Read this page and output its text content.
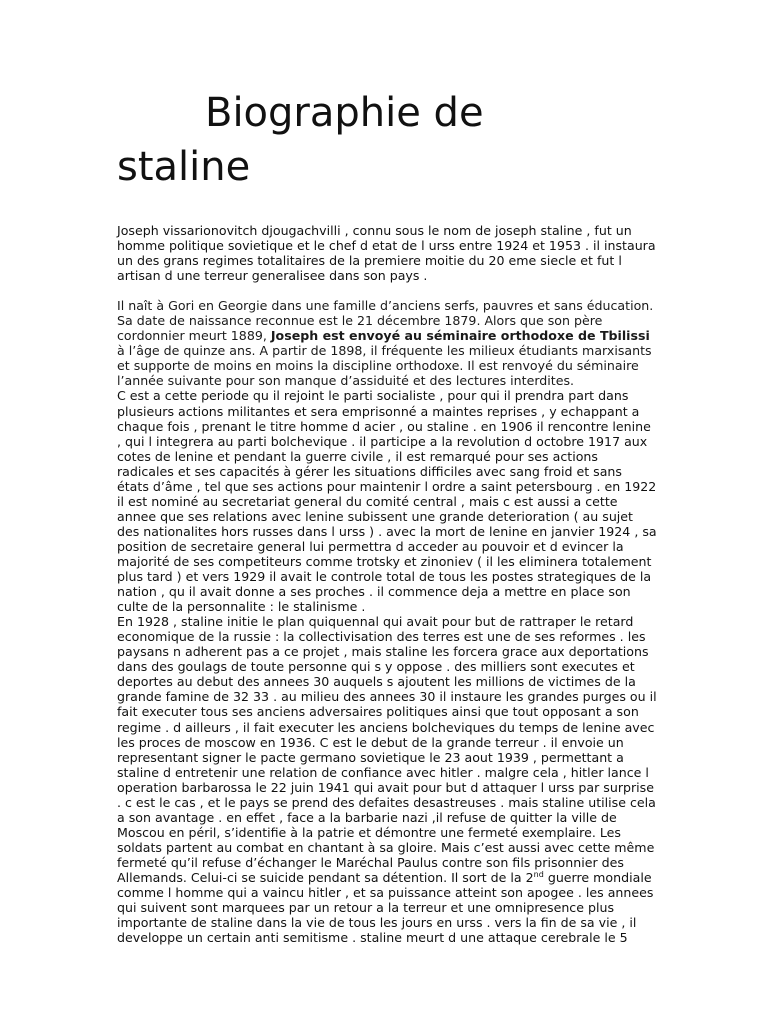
Biographie de
staline

Joseph vissarionovitch djougachvilli , connu sous le nom de joseph staline , fut un homme politique sovietique et le chef d etat de l urss entre 1924 et 1953 . il instaura un des grans regimes totalitaires de la premiere moitie du 20 eme siecle et fut l artisan d une terreur generalisee dans son pays .

Il naît à Gori en Georgie dans une famille d’anciens serfs, pauvres et sans éducation. Sa date de naissance reconnue est le 21 décembre 1879. Alors que son père cordonnier meurt 1889, Joseph est envoyé au séminaire orthodoxe de Tbilissi à l’âge de quinze ans. A partir de 1898, il fréquente les milieux étudiants marxisants et supporte de moins en moins la discipline orthodoxe. Il est renvoyé du séminaire l’année suivante pour son manque d’assiduité et des lectures interdites.

C est a cette periode qu il rejoint le parti socialiste , pour qui il prendra part dans plusieurs actions militantes et sera emprisonné a maintes reprises , y echappant a chaque fois , prenant le titre homme d acier , ou staline . en 1906 il rencontre lenine , qui l integrera au parti bolchevique . il participe a la revolution d octobre 1917 aux cotes de lenine et pendant la guerre civile , il est remarqué pour ses actions radicales et ses capacités à gérer les situations difficiles avec sang froid et sans états d’âme , tel que ses actions pour maintenir l ordre a saint petersbourg . en 1922 il est nominé au secretariat general du comité central , mais c est aussi a cette annee que ses relations avec lenine subissent une grande deterioration ( au sujet des nationalites hors russes dans l urss ) . avec la mort de lenine en janvier 1924 , sa position de secretaire general lui permettra d acceder au pouvoir et d evincer la majorité de ses competiteurs comme trotsky et zinoniev ( il les eliminera totalement plus tard ) et vers 1929 il avait le controle total de tous les postes strategiques de la nation , qu il avait donne a ses proches . il commence deja a mettre en place son culte de la personnalite : le stalinisme .

En 1928 , staline initie le plan quiquennal qui avait pour but de rattraper le retard economique de la russie : la collectivisation des terres est une de ses reformes . les paysans n adherent pas a ce projet , mais staline les forcera grace aux deportations dans des goulags de toute personne qui s y oppose . des milliers sont executes et deportes au debut des annees 30 auquels s ajoutent les millions de victimes de la grande famine de 32 33 . au milieu des annees 30 il instaure les grandes purges ou il fait executer tous ses anciens adversaires politiques ainsi que tout opposant a son regime . d ailleurs , il fait executer les anciens bolcheviques du temps de lenine avec les proces de moscow en 1936. C est le debut de la grande terreur . il envoie un representant signer le pacte germano sovietique le 23 aout 1939 , permettant a staline d entretenir une relation de confiance avec hitler . malgre cela , hitler lance l operation barbarossa le 22 juin 1941 qui avait pour but d attaquer l urss par surprise . c est le cas , et le pays se prend des defaites desastreuses . mais staline utilise cela a son avantage . en effet , face a la barbarie nazi ,il refuse de quitter la ville de Moscou en péril, s’identifie à la patrie et démontre une fermeté exemplaire. Les soldats partent au combat en chantant à sa gloire. Mais c’est aussi avec cette même fermeté qu’il refuse d’échanger le Maréchal Paulus contre son fils prisonnier des Allemands. Celui-ci se suicide pendant sa détention. Il sort de la 2nd guerre mondiale comme l homme qui a vaincu hitler , et sa puissance atteint son apogee . les annees qui suivent sont marquees par un retour a la terreur et une omnipresence plus importante de staline dans la vie de tous les jours en urss . vers la fin de sa vie , il developpe un certain anti semitisme . staline meurt d une attaque cerebrale le 5
